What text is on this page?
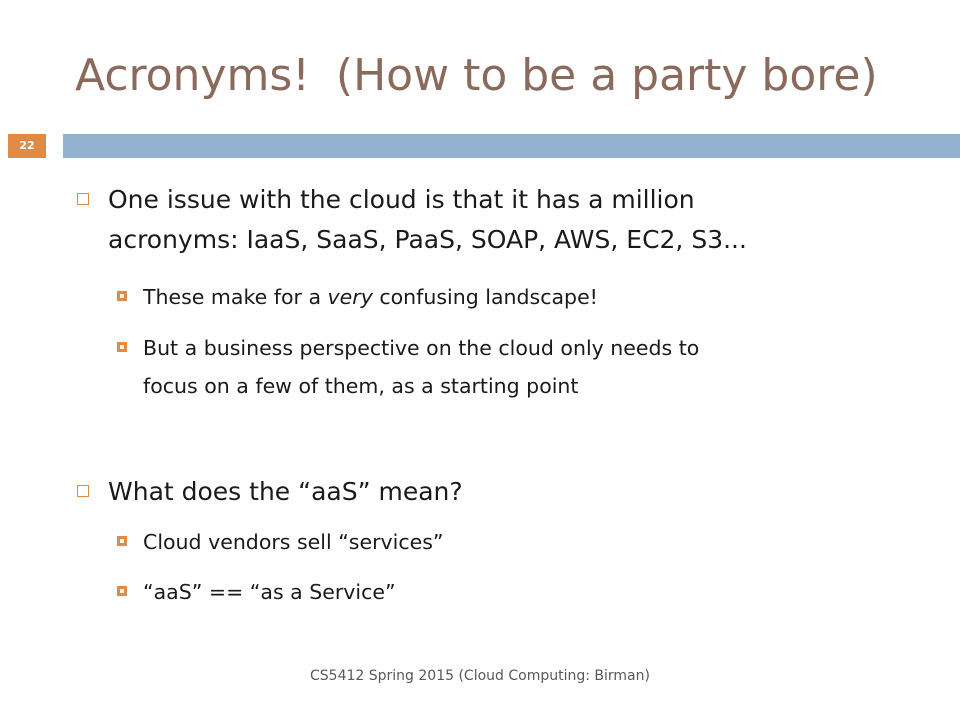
Acronyms! (How to be a party bore)
22
One issue with the cloud is that it has a million
acronyms: IaaS, SaaS, PaaS, SOAP, AWS, EC2, S3...
These make for a very confusing landscape!
But a business perspective on the cloud only needs to
focus on a few of them, as a starting point
What does the “aaS” mean?
Cloud vendors sell “services”
“aaS” == “as a Service”
CS5412 Spring 2015 (Cloud Computing: Birman)
